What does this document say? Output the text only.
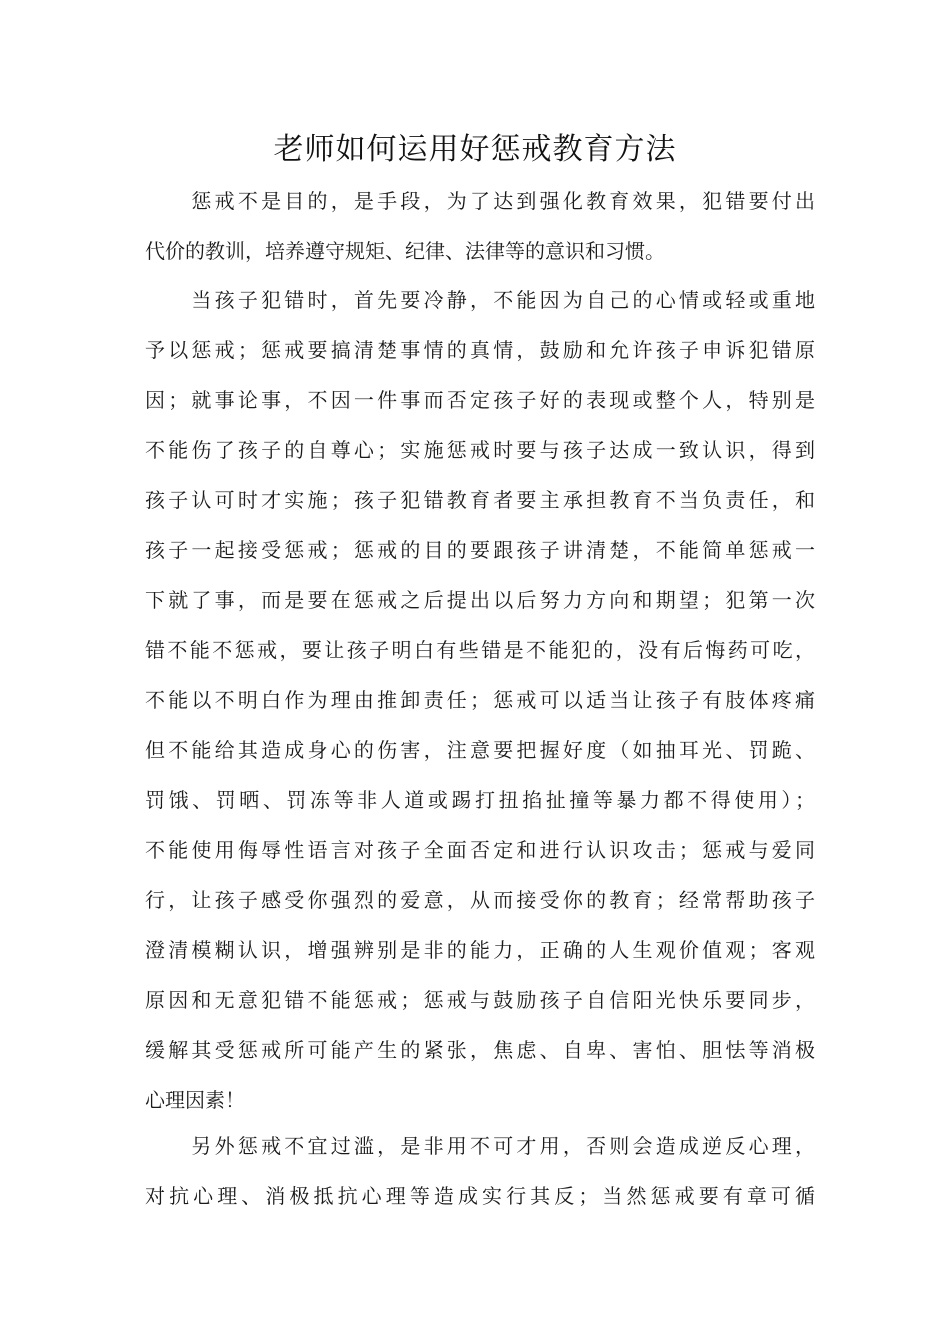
老师如何运用好惩戒教育方法
　　惩戒不是目的，是手段，为了达到强化教育效果，犯错要付出
代价的教训，培养遵守规矩、纪律、法律等的意识和习惯。
　　当孩子犯错时，首先要冷静，不能因为自己的心情或轻或重地
予以惩戒；惩戒要搞清楚事情的真情，鼓励和允许孩子申诉犯错原
因；就事论事，不因一件事而否定孩子好的表现或整个人，特别是
不能伤了孩子的自尊心；实施惩戒时要与孩子达成一致认识，得到
孩子认可时才实施；孩子犯错教育者要主承担教育不当负责任，和
孩子一起接受惩戒；惩戒的目的要跟孩子讲清楚，不能简单惩戒一
下就了事，而是要在惩戒之后提出以后努力方向和期望；犯第一次
错不能不惩戒，要让孩子明白有些错是不能犯的，没有后悔药可吃，
不能以不明白作为理由推卸责任；惩戒可以适当让孩子有肢体疼痛
但不能给其造成身心的伤害，注意要把握好度（如抽耳光、罚跪、
罚饿、罚晒、罚冻等非人道或踢打扭掐扯撞等暴力都不得使用）；
不能使用侮辱性语言对孩子全面否定和进行认识攻击；惩戒与爱同
行，让孩子感受你强烈的爱意，从而接受你的教育；经常帮助孩子
澄清模糊认识，增强辨别是非的能力，正确的人生观价值观；客观
原因和无意犯错不能惩戒；惩戒与鼓励孩子自信阳光快乐要同步，
缓解其受惩戒所可能产生的紧张，焦虑、自卑、害怕、胆怯等消极
心理因素！
　　另外惩戒不宜过滥，是非用不可才用，否则会造成逆反心理，
对抗心理、消极抵抗心理等造成实行其反；当然惩戒要有章可循
